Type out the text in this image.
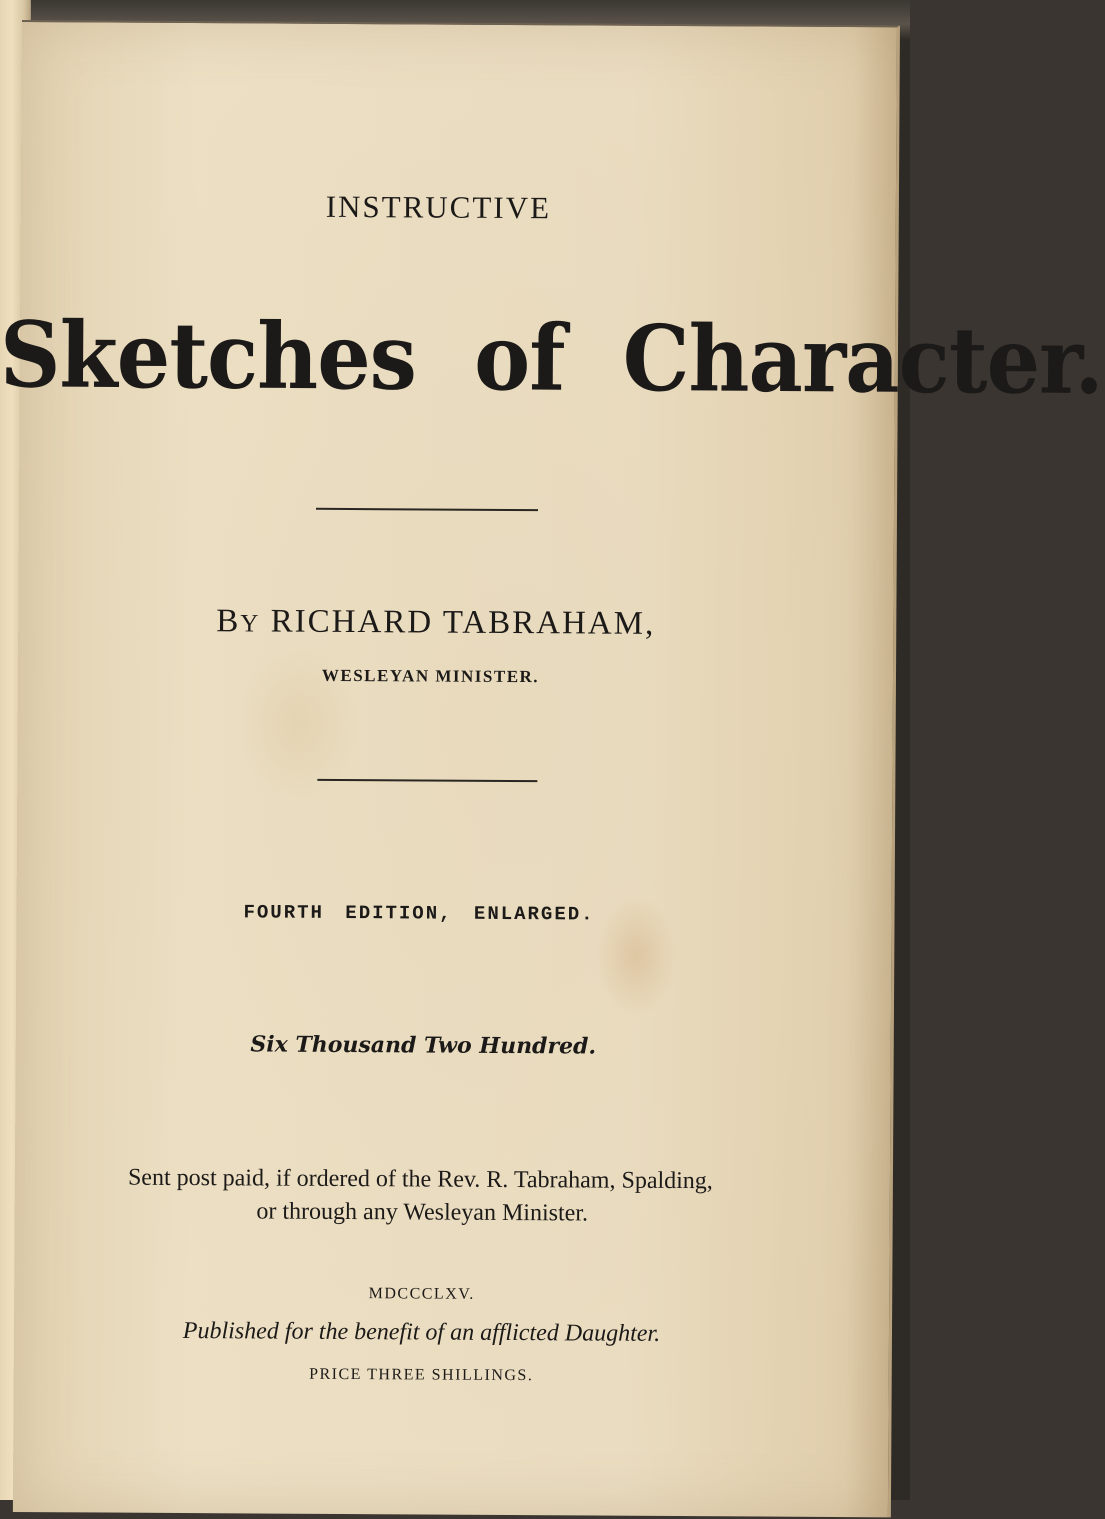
INSTRUCTIVE
Sketches of Character.
BY RICHARD TABRAHAM,
WESLEYAN MINISTER.
FOURTH EDITION, ENLARGED.
Six Thousand Two Hundred.
Sent post paid, if ordered of the Rev. R. Tabraham, Spalding,
or through any Wesleyan Minister.
MDCCCLXV.
Published for the benefit of an afflicted Daughter.
PRICE THREE SHILLINGS.
